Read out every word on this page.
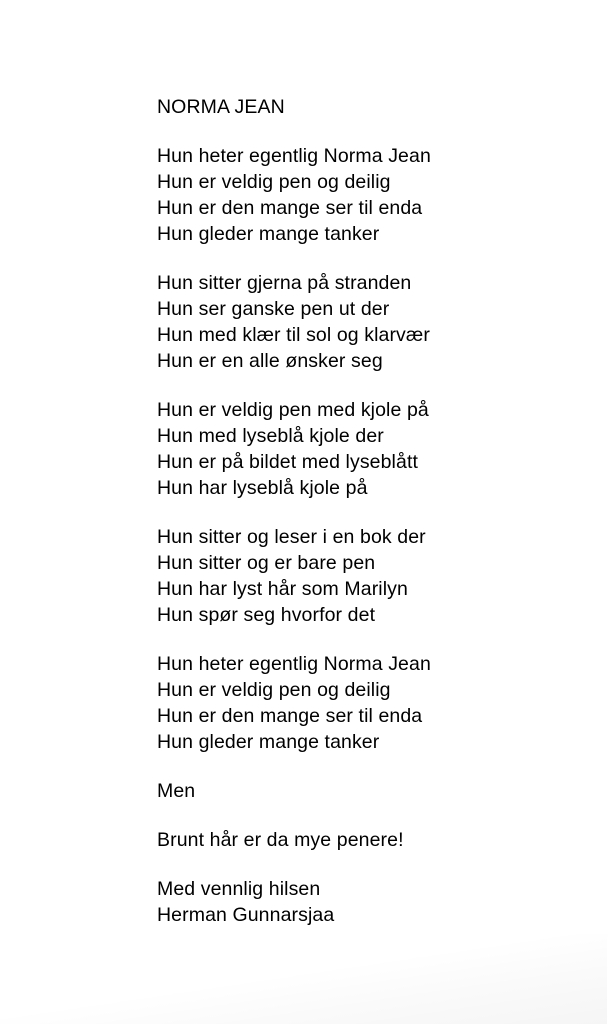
NORMA JEAN

Hun heter egentlig Norma Jean
Hun er veldig pen og deilig
Hun er den mange ser til enda
Hun gleder mange tanker

Hun sitter gjerna på stranden
Hun ser ganske pen ut der
Hun med klær til sol og klarvær
Hun er en alle ønsker seg

Hun er veldig pen med kjole på
Hun med lyseblå kjole der
Hun er på bildet med lyseblått
Hun har lyseblå kjole på

Hun sitter og leser i en bok der
Hun sitter og er bare pen
Hun har lyst hår som Marilyn
Hun spør seg hvorfor det

Hun heter egentlig Norma Jean
Hun er veldig pen og deilig
Hun er den mange ser til enda
Hun gleder mange tanker

Men

Brunt hår er da mye penere!

Med vennlig hilsen
Herman Gunnarsjaa
